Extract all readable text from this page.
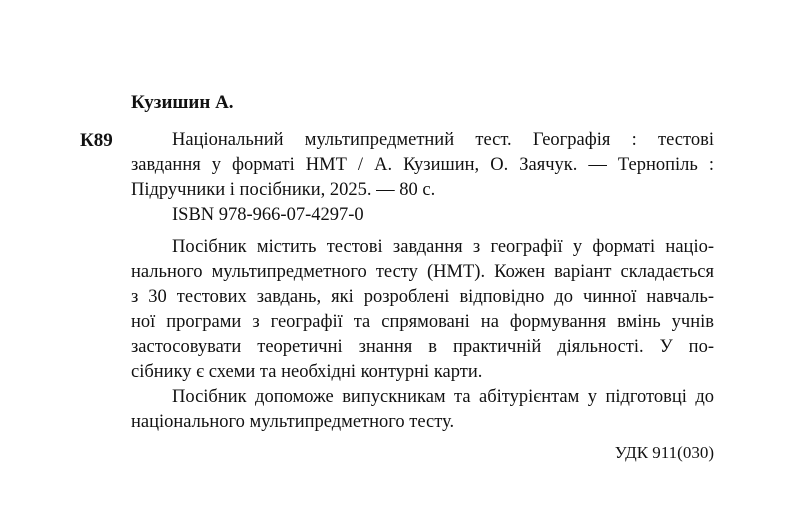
Кузишин А.
К89	Національний мультипредметний тест. Географія : тестові
завдання у форматі НМТ / А. Кузишин, О. Заячук. — Тернопіль :
Підручники і посібники, 2025. — 80 с.
ISBN 978-966-07-4297-0
Посібник містить тестові завдання з географії у форматі націо-
нального мультипредметного тесту (НМТ). Кожен варіант складається
з 30 тестових завдань, які розроблені відповідно до чинної навчаль-
ної програми з географії та спрямовані на формування вмінь учнів
застосовувати теоретичні знання в практичній діяльності. У по-
сібнику є схеми та необхідні контурні карти.
Посібник допоможе випускникам та абітурієнтам у підготовці до
національного мультипредметного тесту.
УДК 911(030)
